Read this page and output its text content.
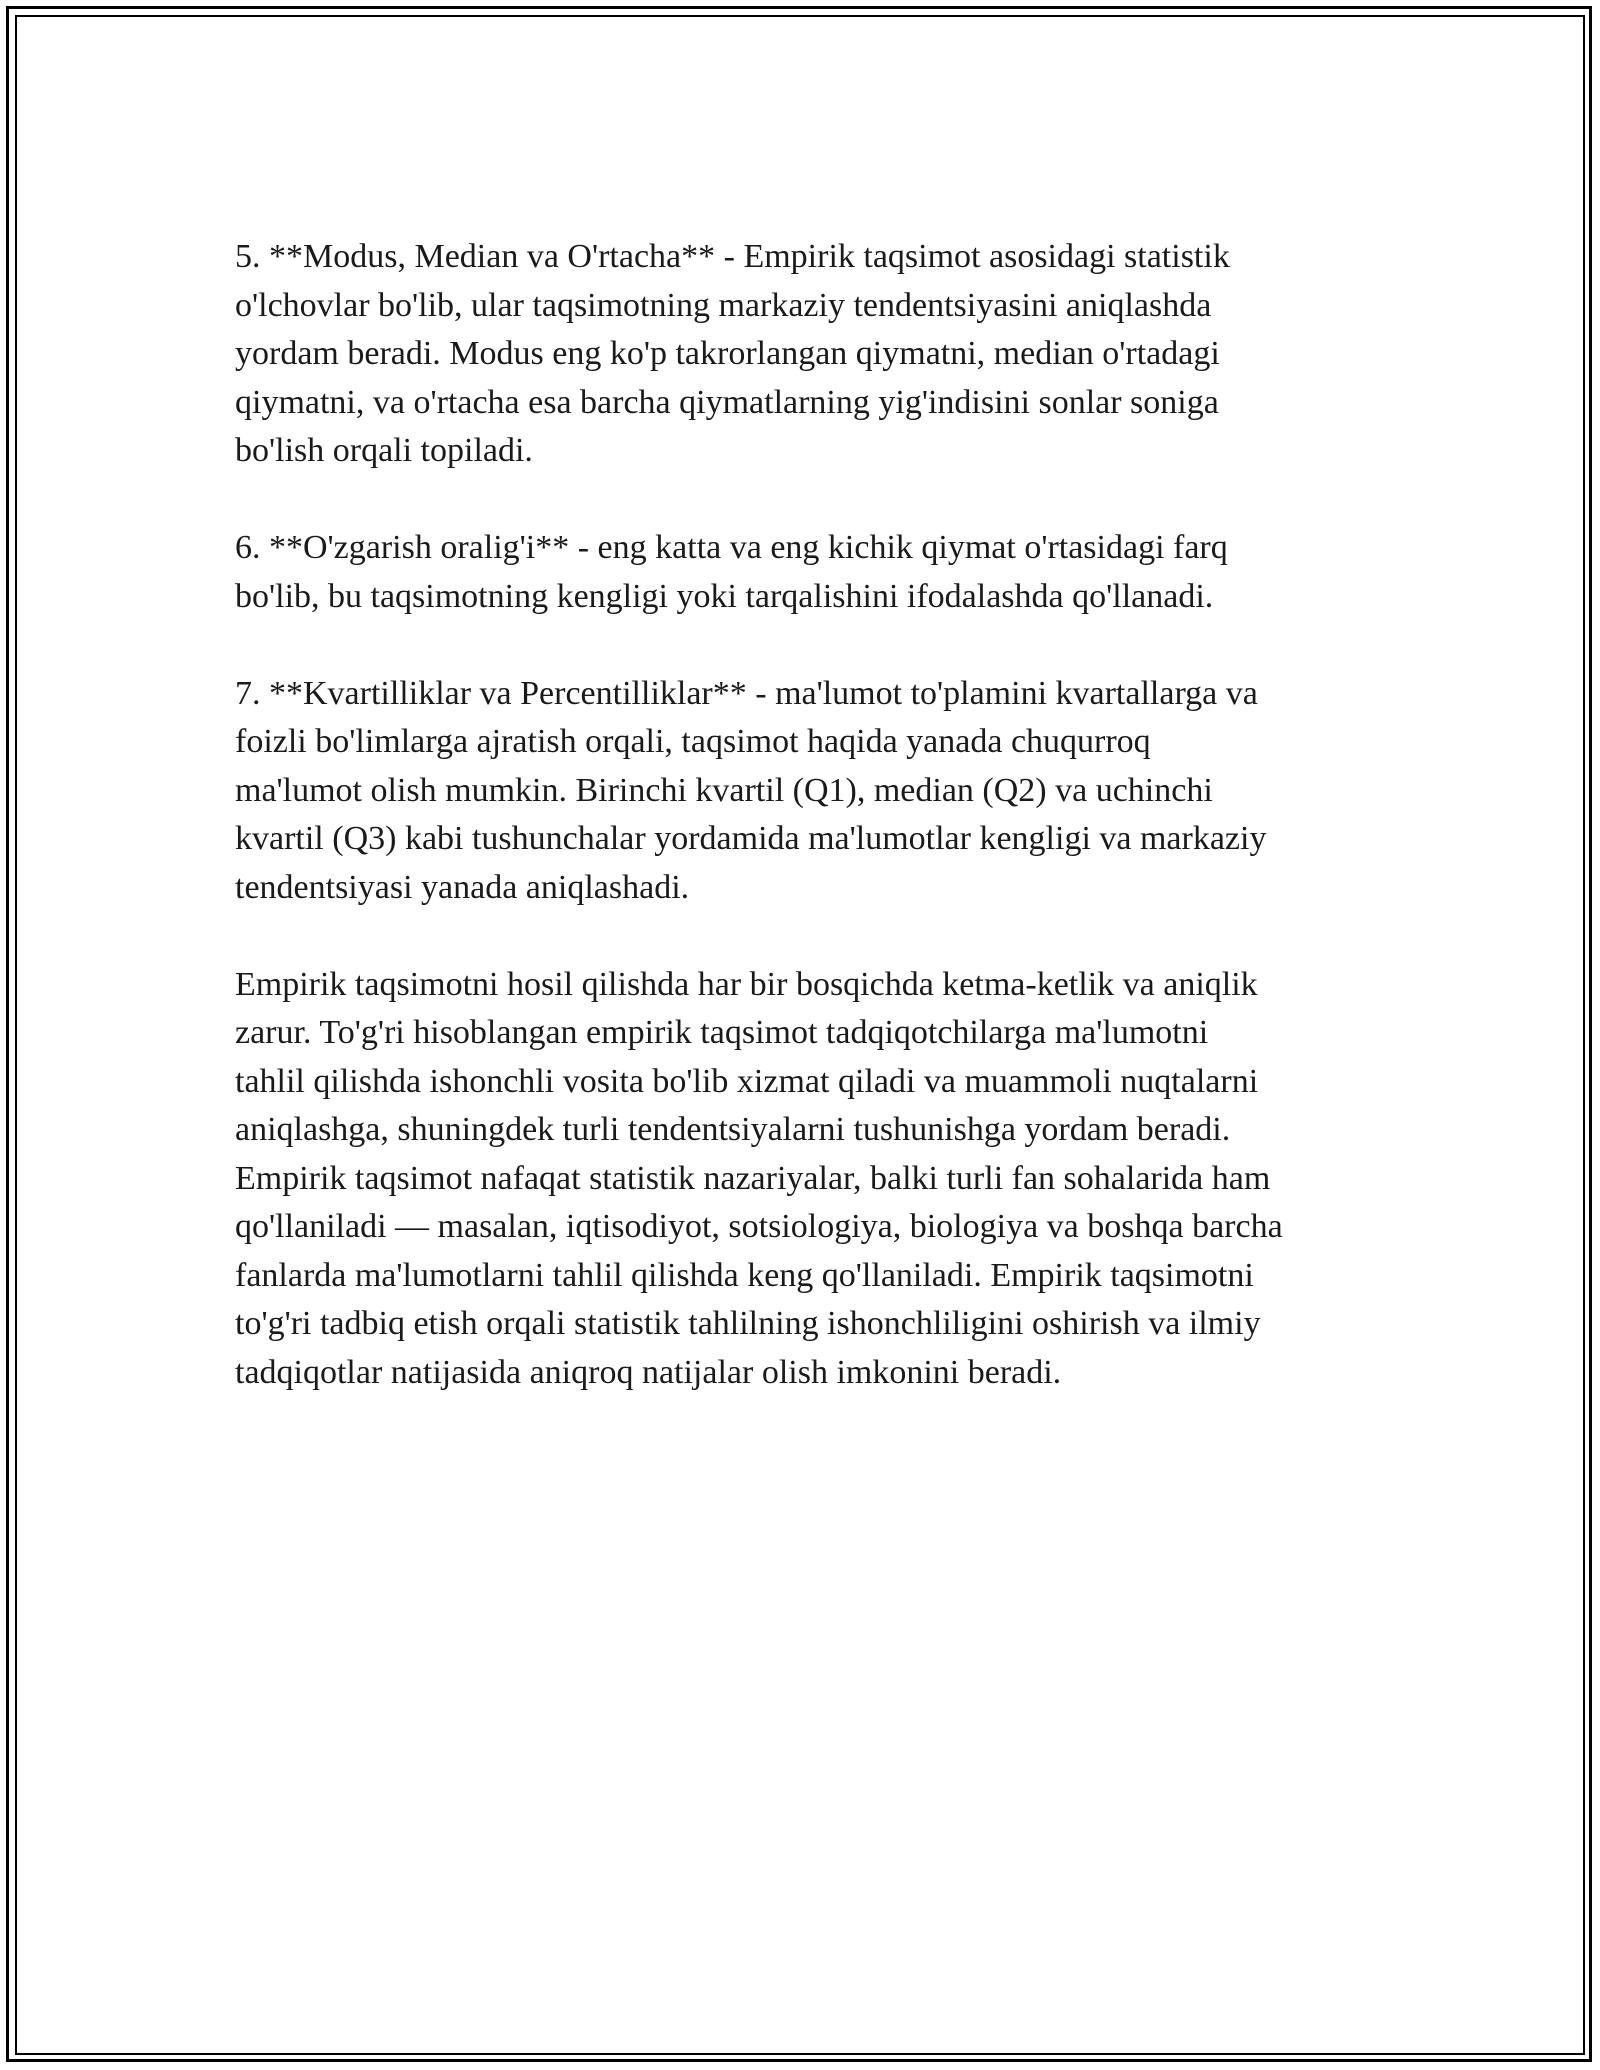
5. **Modus, Median va O'rtacha** - Empirik taqsimot asosidagi statistik
o'lchovlar bo'lib, ular taqsimotning markaziy tendentsiyasini aniqlashda
yordam beradi. Modus eng ko'p takrorlangan qiymatni, median o'rtadagi
qiymatni, va o'rtacha esa barcha qiymatlarning yig'indisini sonlar soniga
bo'lish orqali topiladi.

6. **O'zgarish oralig'i** - eng katta va eng kichik qiymat o'rtasidagi farq
bo'lib, bu taqsimotning kengligi yoki tarqalishini ifodalashda qo'llanadi.

7. **Kvartilliklar va Percentilliklar** - ma'lumot to'plamini kvartallarga va
foizli bo'limlarga ajratish orqali, taqsimot haqida yanada chuqurroq
ma'lumot olish mumkin. Birinchi kvartil (Q1), median (Q2) va uchinchi
kvartil (Q3) kabi tushunchalar yordamida ma'lumotlar kengligi va markaziy
tendentsiyasi yanada aniqlashadi.

Empirik taqsimotni hosil qilishda har bir bosqichda ketma-ketlik va aniqlik
zarur. To'g'ri hisoblangan empirik taqsimot tadqiqotchilarga ma'lumotni
tahlil qilishda ishonchli vosita bo'lib xizmat qiladi va muammoli nuqtalarni
aniqlashga, shuningdek turli tendentsiyalarni tushunishga yordam beradi.
Empirik taqsimot nafaqat statistik nazariyalar, balki turli fan sohalarida ham
qo'llaniladi — masalan, iqtisodiyot, sotsiologiya, biologiya va boshqa barcha
fanlarda ma'lumotlarni tahlil qilishda keng qo'llaniladi. Empirik taqsimotni
to'g'ri tadbiq etish orqali statistik tahlilning ishonchliligini oshirish va ilmiy
tadqiqotlar natijasida aniqroq natijalar olish imkonini beradi.
